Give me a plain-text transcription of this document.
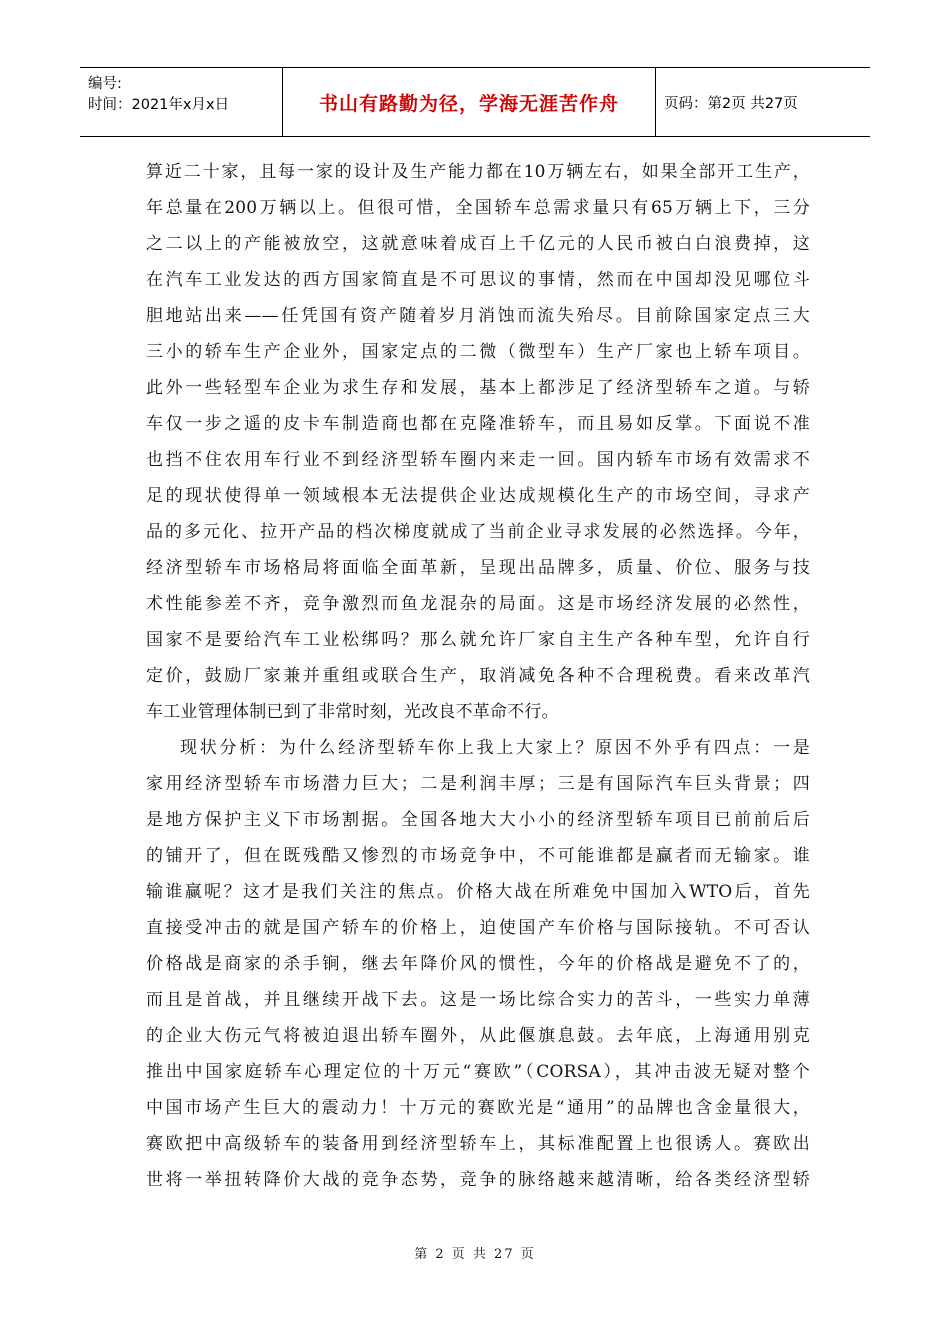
编号:
时间：2021年x月x日	书山有路勤为径，学海无涯苦作舟	页码：第2页 共27页
算近二十家，且每一家的设计及生产能力都在10万辆左右，如果全部开工生产，
年总量在200万辆以上。但很可惜，全国轿车总需求量只有65万辆上下，三分
之二以上的产能被放空，这就意味着成百上千亿元的人民币被白白浪费掉，这
在汽车工业发达的西方国家简直是不可思议的事情，然而在中国却没见哪位斗
胆地站出来——任凭国有资产随着岁月消蚀而流失殆尽。目前除国家定点三大
三小的轿车生产企业外，国家定点的二微（微型车）生产厂家也上轿车项目。
此外一些轻型车企业为求生存和发展，基本上都涉足了经济型轿车之道。与轿
车仅一步之遥的皮卡车制造商也都在克隆准轿车，而且易如反掌。下面说不准
也挡不住农用车行业不到经济型轿车圈内来走一回。国内轿车市场有效需求不
足的现状使得单一领域根本无法提供企业达成规模化生产的市场空间，寻求产
品的多元化、拉开产品的档次梯度就成了当前企业寻求发展的必然选择。今年，
经济型轿车市场格局将面临全面革新，呈现出品牌多，质量、价位、服务与技
术性能参差不齐，竞争激烈而鱼龙混杂的局面。这是市场经济发展的必然性，
国家不是要给汽车工业松绑吗？那么就允许厂家自主生产各种车型，允许自行
定价，鼓励厂家兼并重组或联合生产，取消减免各种不合理税费。看来改革汽
车工业管理体制已到了非常时刻，光改良不革命不行。
现状分析：为什么经济型轿车你上我上大家上？原因不外乎有四点：一是
家用经济型轿车市场潜力巨大；二是利润丰厚；三是有国际汽车巨头背景；四
是地方保护主义下市场割据。全国各地大大小小的经济型轿车项目已前前后后
的铺开了，但在既残酷又惨烈的市场竞争中，不可能谁都是赢者而无输家。谁
输谁赢呢？这才是我们关注的焦点。价格大战在所难免中国加入WTO后，首先
直接受冲击的就是国产轿车的价格上，迫使国产车价格与国际接轨。不可否认
价格战是商家的杀手锏，继去年降价风的惯性，今年的价格战是避免不了的，
而且是首战，并且继续开战下去。这是一场比综合实力的苦斗，一些实力单薄
的企业大伤元气将被迫退出轿车圈外，从此偃旗息鼓。去年底，上海通用别克
推出中国家庭轿车心理定位的十万元“赛欧”（CORSA），其冲击波无疑对整个
中国市场产生巨大的震动力！十万元的赛欧光是“通用”的品牌也含金量很大，
赛欧把中高级轿车的装备用到经济型轿车上，其标准配置上也很诱人。赛欧出
世将一举扭转降价大战的竞争态势，竞争的脉络越来越清晰，给各类经济型轿
第 2 页 共 27 页
